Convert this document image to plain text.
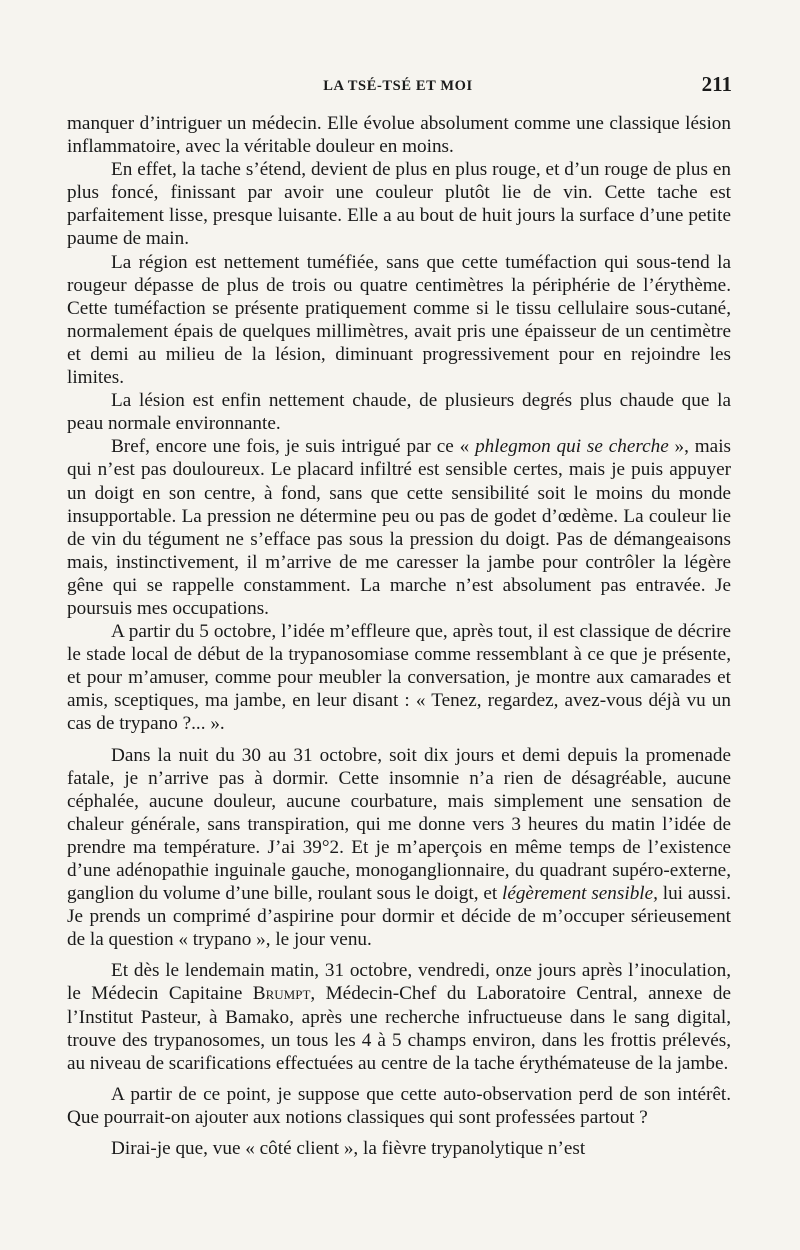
LA TSÉ-TSÉ ET MOI	211

manquer d’intriguer un médecin. Elle évolue absolument comme une classique lésion inflammatoire, avec la véritable douleur en moins.

En effet, la tache s’étend, devient de plus en plus rouge, et d’un rouge de plus en plus foncé, finissant par avoir une couleur plutôt lie de vin. Cette tache est parfaitement lisse, presque luisante. Elle a au bout de huit jours la surface d’une petite paume de main.

La région est nettement tuméfiée, sans que cette tuméfaction qui sous-tend la rougeur dépasse de plus de trois ou quatre centimètres la périphérie de l’érythème. Cette tuméfaction se présente pratiquement comme si le tissu cellulaire sous-cutané, normalement épais de quelques millimètres, avait pris une épaisseur de un centimètre et demi au milieu de la lésion, diminuant progressivement pour en rejoindre les limites.

La lésion est enfin nettement chaude, de plusieurs degrés plus chaude que la peau normale environnante.

Bref, encore une fois, je suis intrigué par ce « phlegmon qui se cherche », mais qui n’est pas douloureux. Le placard infiltré est sensible certes, mais je puis appuyer un doigt en son centre, à fond, sans que cette sensibilité soit le moins du monde insupportable. La pression ne détermine peu ou pas de godet d’œdème. La couleur lie de vin du tégument ne s’efface pas sous la pression du doigt. Pas de démangeaisons mais, instinctivement, il m’arrive de me caresser la jambe pour contrôler la légère gêne qui se rappelle constamment. La marche n’est absolument pas entravée. Je poursuis mes occupations.

A partir du 5 octobre, l’idée m’effleure que, après tout, il est classique de décrire le stade local de début de la trypanosomiase comme ressemblant à ce que je présente, et pour m’amuser, comme pour meubler la conversation, je montre aux camarades et amis, sceptiques, ma jambe, en leur disant : « Tenez, regardez, avez-vous déjà vu un cas de trypano ?... ».

Dans la nuit du 30 au 31 octobre, soit dix jours et demi depuis la promenade fatale, je n’arrive pas à dormir. Cette insomnie n’a rien de désagréable, aucune céphalée, aucune douleur, aucune courbature, mais simplement une sensation de chaleur générale, sans transpiration, qui me donne vers 3 heures du matin l’idée de prendre ma température. J’ai 39°2. Et je m’aperçois en même temps de l’existence d’une adénopathie inguinale gauche, monoganglionnaire, du quadrant supéro-externe, ganglion du volume d’une bille, roulant sous le doigt, et légèrement sensible, lui aussi. Je prends un comprimé d’aspirine pour dormir et décide de m’occuper sérieusement de la question « trypano », le jour venu.

Et dès le lendemain matin, 31 octobre, vendredi, onze jours après l’inoculation, le Médecin Capitaine Brumpt, Médecin-Chef du Laboratoire Central, annexe de l’Institut Pasteur, à Bamako, après une recherche infructueuse dans le sang digital, trouve des trypanosomes, un tous les 4 à 5 champs environ, dans les frottis prélevés, au niveau de scarifications effectuées au centre de la tache érythémateuse de la jambe.

A partir de ce point, je suppose que cette auto-observation perd de son intérêt. Que pourrait-on ajouter aux notions classiques qui sont professées partout ?

Dirai-je que, vue « côté client », la fièvre trypanolytique n’est
